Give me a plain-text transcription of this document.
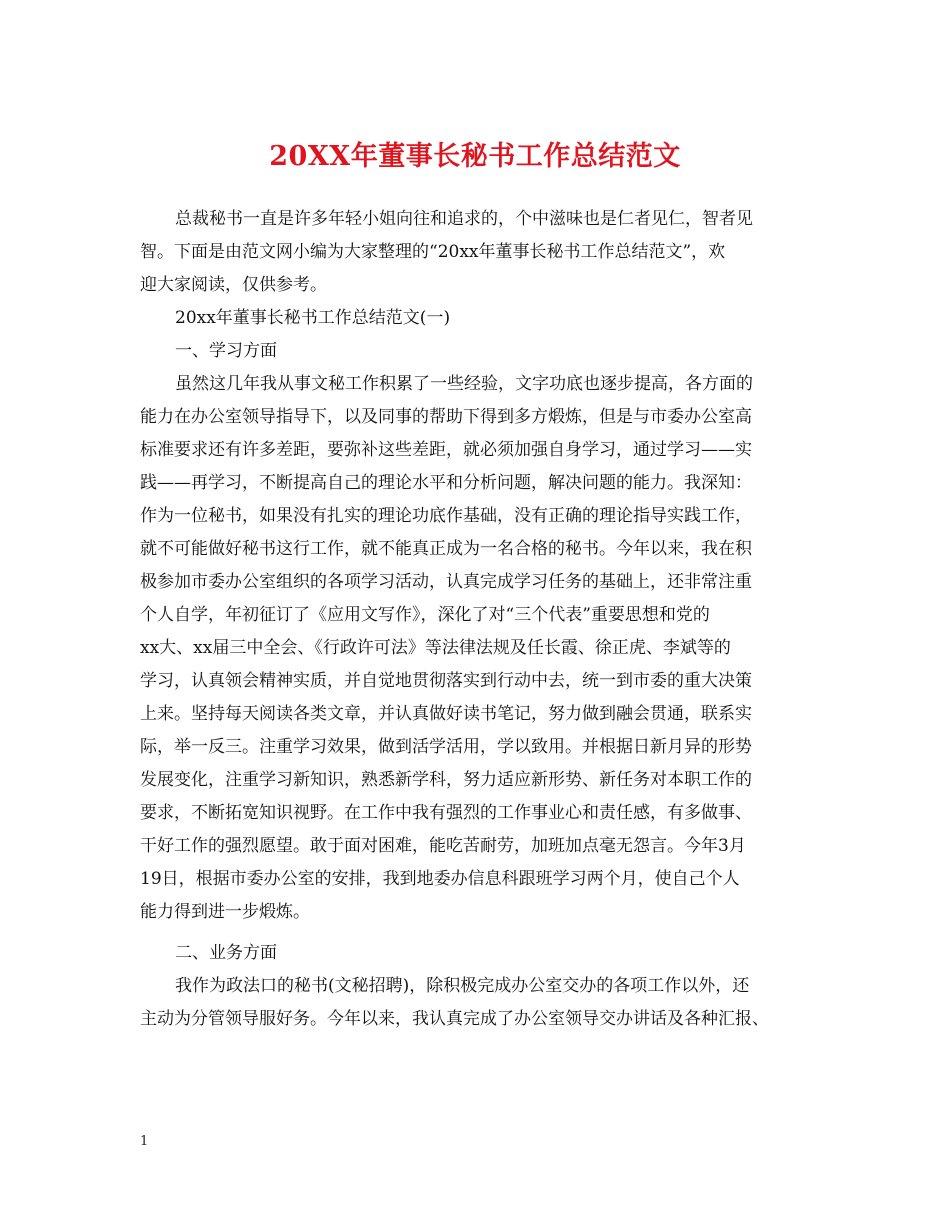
20XX年董事长秘书工作总结范文
总裁秘书一直是许多年轻小姐向往和追求的，个中滋味也是仁者见仁，智者见
智。下面是由范文网小编为大家整理的“20xx年董事长秘书工作总结范文”，欢
迎大家阅读，仅供参考。
20xx年董事长秘书工作总结范文(一)
一、学习方面
虽然这几年我从事文秘工作积累了一些经验，文字功底也逐步提高，各方面的
能力在办公室领导指导下，以及同事的帮助下得到多方煅炼，但是与市委办公室高
标准要求还有许多差距，要弥补这些差距，就必须加强自身学习，通过学习——实
践——再学习，不断提高自己的理论水平和分析问题，解决问题的能力。我深知：
作为一位秘书，如果没有扎实的理论功底作基础，没有正确的理论指导实践工作，
就不可能做好秘书这行工作，就不能真正成为一名合格的秘书。今年以来，我在积
极参加市委办公室组织的各项学习活动，认真完成学习任务的基础上，还非常注重
个人自学，年初征订了《应用文写作》，深化了对“三个代表”重要思想和党的
xx大、xx届三中全会、《行政许可法》等法律法规及任长霞、徐正虎、李斌等的
学习，认真领会精神实质，并自觉地贯彻落实到行动中去，统一到市委的重大决策
上来。坚持每天阅读各类文章，并认真做好读书笔记，努力做到融会贯通，联系实
际，举一反三。注重学习效果，做到活学活用，学以致用。并根据日新月异的形势
发展变化，注重学习新知识，熟悉新学科，努力适应新形势、新任务对本职工作的
要求，不断拓宽知识视野。在工作中我有强烈的工作事业心和责任感，有多做事、
干好工作的强烈愿望。敢于面对困难，能吃苦耐劳，加班加点毫无怨言。今年3月
19日，根据市委办公室的安排，我到地委办信息科跟班学习两个月，使自己个人
能力得到进一步煅炼。
二、业务方面
我作为政法口的秘书(文秘招聘)，除积极完成办公室交办的各项工作以外，还
主动为分管领导服好务。今年以来，我认真完成了办公室领导交办讲话及各种汇报、
1
